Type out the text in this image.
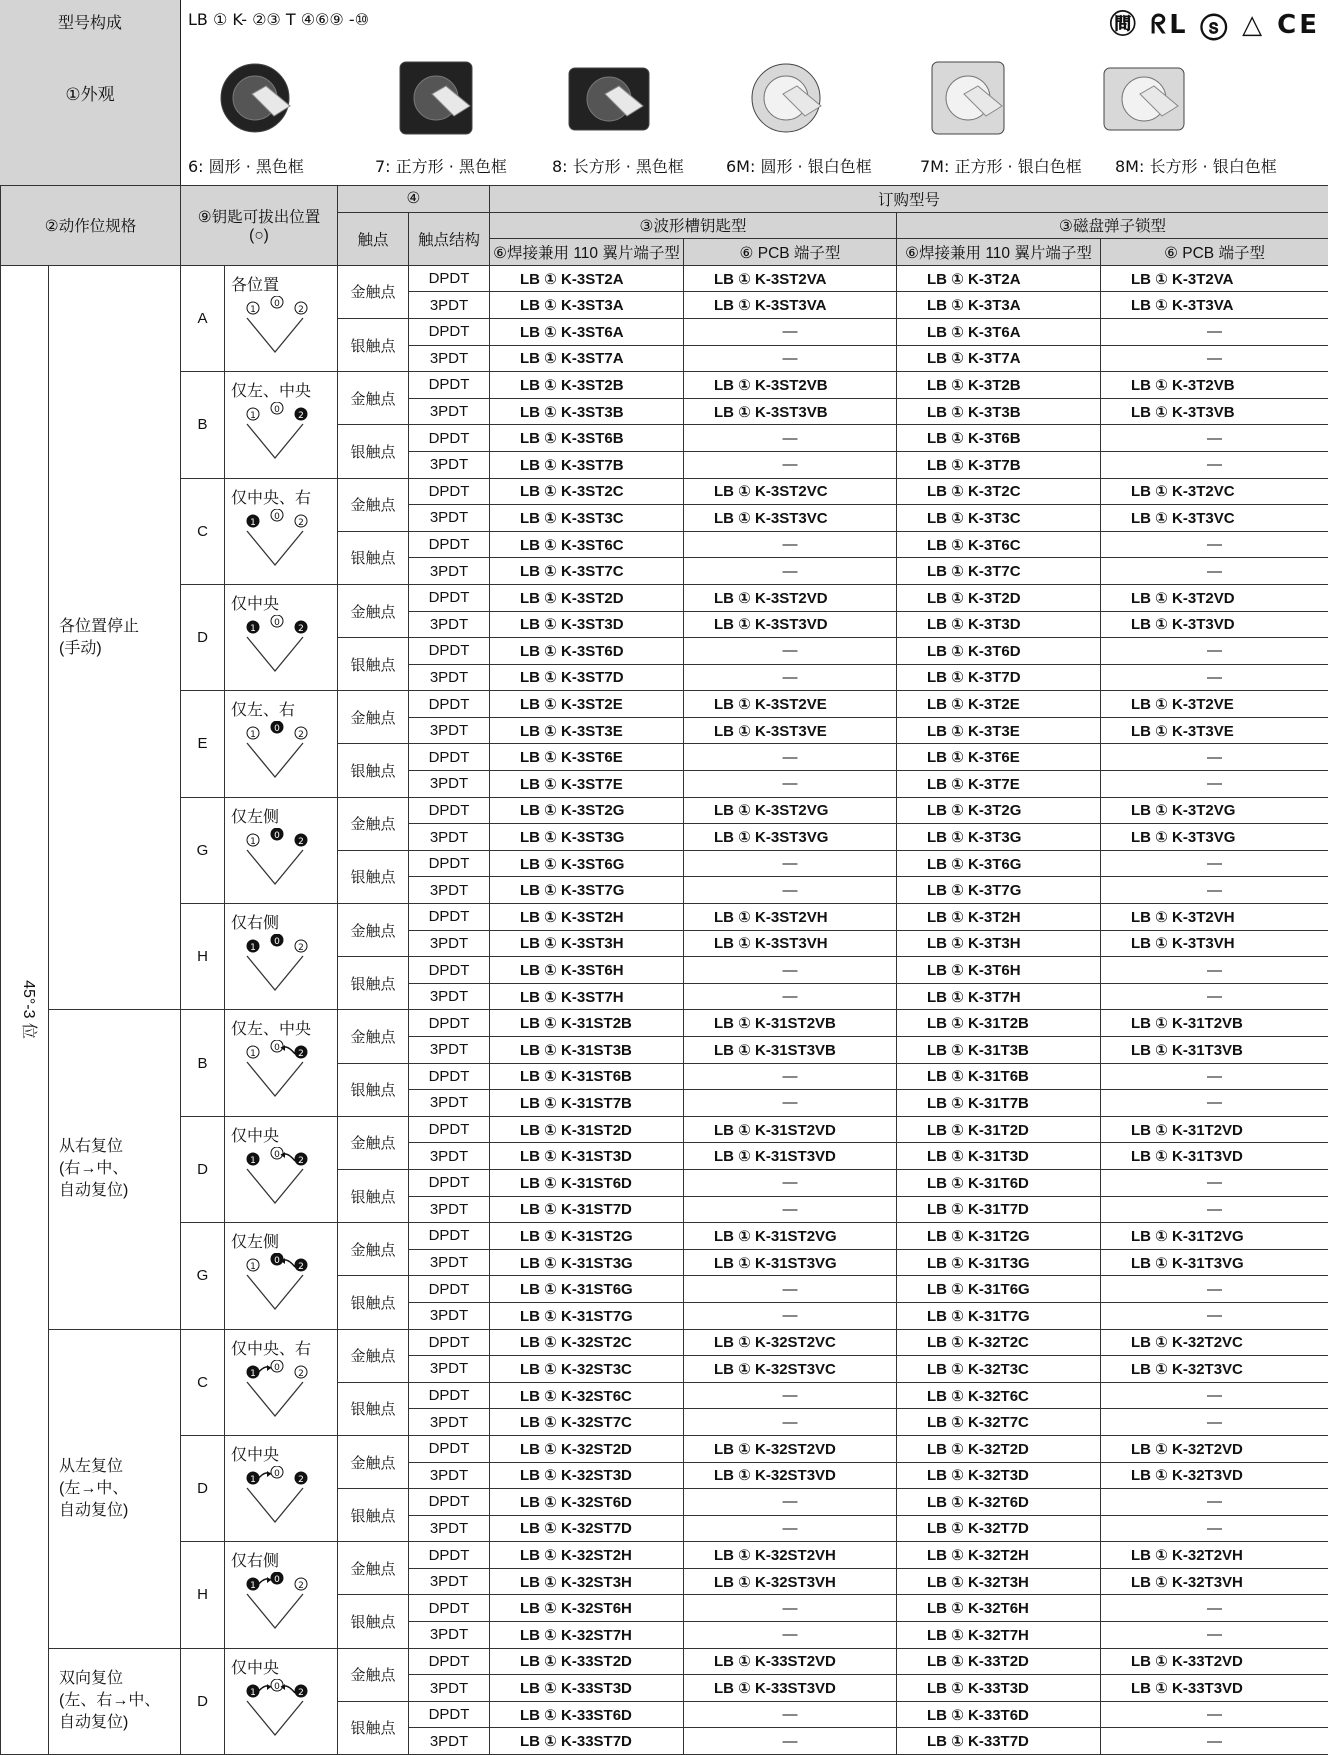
型号构成
①外观
LB ① K- ②③ T ④⑥⑨ -⑩	㉄ ᖇᒪ ⓢ △ CE
6: 圆形 · 黑色框	7: 正方形 · 黑色框	8: 长方形 · 黑色框	6M: 圆形 · 银白色框	7M: 正方形 · 银白色框 8M: 长方形 · 银白色框
②动作位规格		⑨钥匙可拔出位置
(○)		④		订购型号			
				触点	触点结构	③波形槽钥匙型		③磁盘弹子锁型	
						⑥焊接兼用 110 翼片端子型	⑥ PCB 端子型	⑥焊接兼用 110 翼片端子型	⑥ PCB 端子型
45°-3 位	各位置停止
(手动)	A	各位置
1
0
2	金触点	DPDT	LB ① K-3ST2A	LB ① K-3ST2VA	LB ① K-3T2A	LB ① K-3T2VA
					3PDT	LB ① K-3ST3A	LB ① K-3ST3VA	LB ① K-3T3A	LB ① K-3T3VA
				银触点	DPDT	LB ① K-3ST6A	—	LB ① K-3T6A	—
					3PDT	LB ① K-3ST7A	—	LB ① K-3T7A	—
		B	仅左、中央
1
0
2	金触点	DPDT	LB ① K-3ST2B	LB ① K-3ST2VB	LB ① K-3T2B	LB ① K-3T2VB
					3PDT	LB ① K-3ST3B	LB ① K-3ST3VB	LB ① K-3T3B	LB ① K-3T3VB
				银触点	DPDT	LB ① K-3ST6B	—	LB ① K-3T6B	—
					3PDT	LB ① K-3ST7B	—	LB ① K-3T7B	—
		C	仅中央、右
1
0
2	金触点	DPDT	LB ① K-3ST2C	LB ① K-3ST2VC	LB ① K-3T2C	LB ① K-3T2VC
					3PDT	LB ① K-3ST3C	LB ① K-3ST3VC	LB ① K-3T3C	LB ① K-3T3VC
				银触点	DPDT	LB ① K-3ST6C	—	LB ① K-3T6C	—
					3PDT	LB ① K-3ST7C	—	LB ① K-3T7C	—
		D	仅中央
1
0
2	金触点	DPDT	LB ① K-3ST2D	LB ① K-3ST2VD	LB ① K-3T2D	LB ① K-3T2VD
					3PDT	LB ① K-3ST3D	LB ① K-3ST3VD	LB ① K-3T3D	LB ① K-3T3VD
				银触点	DPDT	LB ① K-3ST6D	—	LB ① K-3T6D	—
					3PDT	LB ① K-3ST7D	—	LB ① K-3T7D	—
		E	仅左、右
1
0
2	金触点	DPDT	LB ① K-3ST2E	LB ① K-3ST2VE	LB ① K-3T2E	LB ① K-3T2VE
					3PDT	LB ① K-3ST3E	LB ① K-3ST3VE	LB ① K-3T3E	LB ① K-3T3VE
				银触点	DPDT	LB ① K-3ST6E	—	LB ① K-3T6E	—
					3PDT	LB ① K-3ST7E	—	LB ① K-3T7E	—
		G	仅左侧
1
0
2	金触点	DPDT	LB ① K-3ST2G	LB ① K-3ST2VG	LB ① K-3T2G	LB ① K-3T2VG
					3PDT	LB ① K-3ST3G	LB ① K-3ST3VG	LB ① K-3T3G	LB ① K-3T3VG
				银触点	DPDT	LB ① K-3ST6G	—	LB ① K-3T6G	—
					3PDT	LB ① K-3ST7G	—	LB ① K-3T7G	—
		H	仅右侧
1
0
2	金触点	DPDT	LB ① K-3ST2H	LB ① K-3ST2VH	LB ① K-3T2H	LB ① K-3T2VH
					3PDT	LB ① K-3ST3H	LB ① K-3ST3VH	LB ① K-3T3H	LB ① K-3T3VH
				银触点	DPDT	LB ① K-3ST6H	—	LB ① K-3T6H	—
					3PDT	LB ① K-3ST7H	—	LB ① K-3T7H	—
	从右复位
(右→中、
自动复位)	B	仅左、中央
1
0
2	金触点	DPDT	LB ① K-31ST2B	LB ① K-31ST2VB	LB ① K-31T2B	LB ① K-31T2VB
					3PDT	LB ① K-31ST3B	LB ① K-31ST3VB	LB ① K-31T3B	LB ① K-31T3VB
				银触点	DPDT	LB ① K-31ST6B	—	LB ① K-31T6B	—
					3PDT	LB ① K-31ST7B	—	LB ① K-31T7B	—
		D	仅中央
1
0
2	金触点	DPDT	LB ① K-31ST2D	LB ① K-31ST2VD	LB ① K-31T2D	LB ① K-31T2VD
					3PDT	LB ① K-31ST3D	LB ① K-31ST3VD	LB ① K-31T3D	LB ① K-31T3VD
				银触点	DPDT	LB ① K-31ST6D	—	LB ① K-31T6D	—
					3PDT	LB ① K-31ST7D	—	LB ① K-31T7D	—
		G	仅左侧
1
0
2	金触点	DPDT	LB ① K-31ST2G	LB ① K-31ST2VG	LB ① K-31T2G	LB ① K-31T2VG
					3PDT	LB ① K-31ST3G	LB ① K-31ST3VG	LB ① K-31T3G	LB ① K-31T3VG
				银触点	DPDT	LB ① K-31ST6G	—	LB ① K-31T6G	—
					3PDT	LB ① K-31ST7G	—	LB ① K-31T7G	—
	从左复位
(左→中、
自动复位)	C	仅中央、右
1
0
2	金触点	DPDT	LB ① K-32ST2C	LB ① K-32ST2VC	LB ① K-32T2C	LB ① K-32T2VC
					3PDT	LB ① K-32ST3C	LB ① K-32ST3VC	LB ① K-32T3C	LB ① K-32T3VC
				银触点	DPDT	LB ① K-32ST6C	—	LB ① K-32T6C	—
					3PDT	LB ① K-32ST7C	—	LB ① K-32T7C	—
		D	仅中央
1
0
2	金触点	DPDT	LB ① K-32ST2D	LB ① K-32ST2VD	LB ① K-32T2D	LB ① K-32T2VD
					3PDT	LB ① K-32ST3D	LB ① K-32ST3VD	LB ① K-32T3D	LB ① K-32T3VD
				银触点	DPDT	LB ① K-32ST6D	—	LB ① K-32T6D	—
					3PDT	LB ① K-32ST7D	—	LB ① K-32T7D	—
		H	仅右侧
1
0
2	金触点	DPDT	LB ① K-32ST2H	LB ① K-32ST2VH	LB ① K-32T2H	LB ① K-32T2VH
					3PDT	LB ① K-32ST3H	LB ① K-32ST3VH	LB ① K-32T3H	LB ① K-32T3VH
				银触点	DPDT	LB ① K-32ST6H	—	LB ① K-32T6H	—
					3PDT	LB ① K-32ST7H	—	LB ① K-32T7H	—
	双向复位
(左、右→中、
自动复位)	D	仅中央
1
0
2	金触点	DPDT	LB ① K-33ST2D	LB ① K-33ST2VD	LB ① K-33T2D	LB ① K-33T2VD
					3PDT	LB ① K-33ST3D	LB ① K-33ST3VD	LB ① K-33T3D	LB ① K-33T3VD
				银触点	DPDT	LB ① K-33ST6D	—	LB ① K-33T6D	—
					3PDT	LB ① K-33ST7D	—	LB ① K-33T7D	—
